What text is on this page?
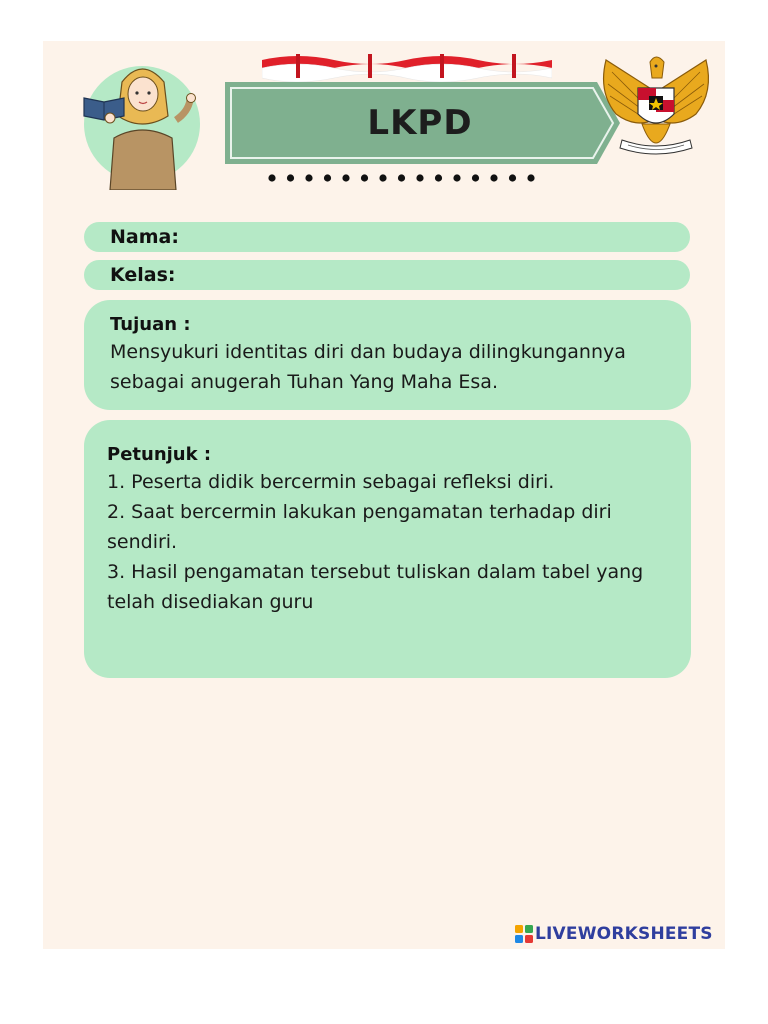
LKPD
Nama:
Kelas:
Tujuan :

Mensyukuri identitas diri dan budaya dilingkungannya sebagai anugerah Tuhan Yang Maha Esa.

Petunjuk :

1. Peserta didik bercermin sebagai refleksi diri.

2. Saat bercermin lakukan pengamatan terhadap diri sendiri.

3. Hasil pengamatan tersebut tuliskan dalam tabel yang telah disediakan guru

LIVEWORKSHEETS
